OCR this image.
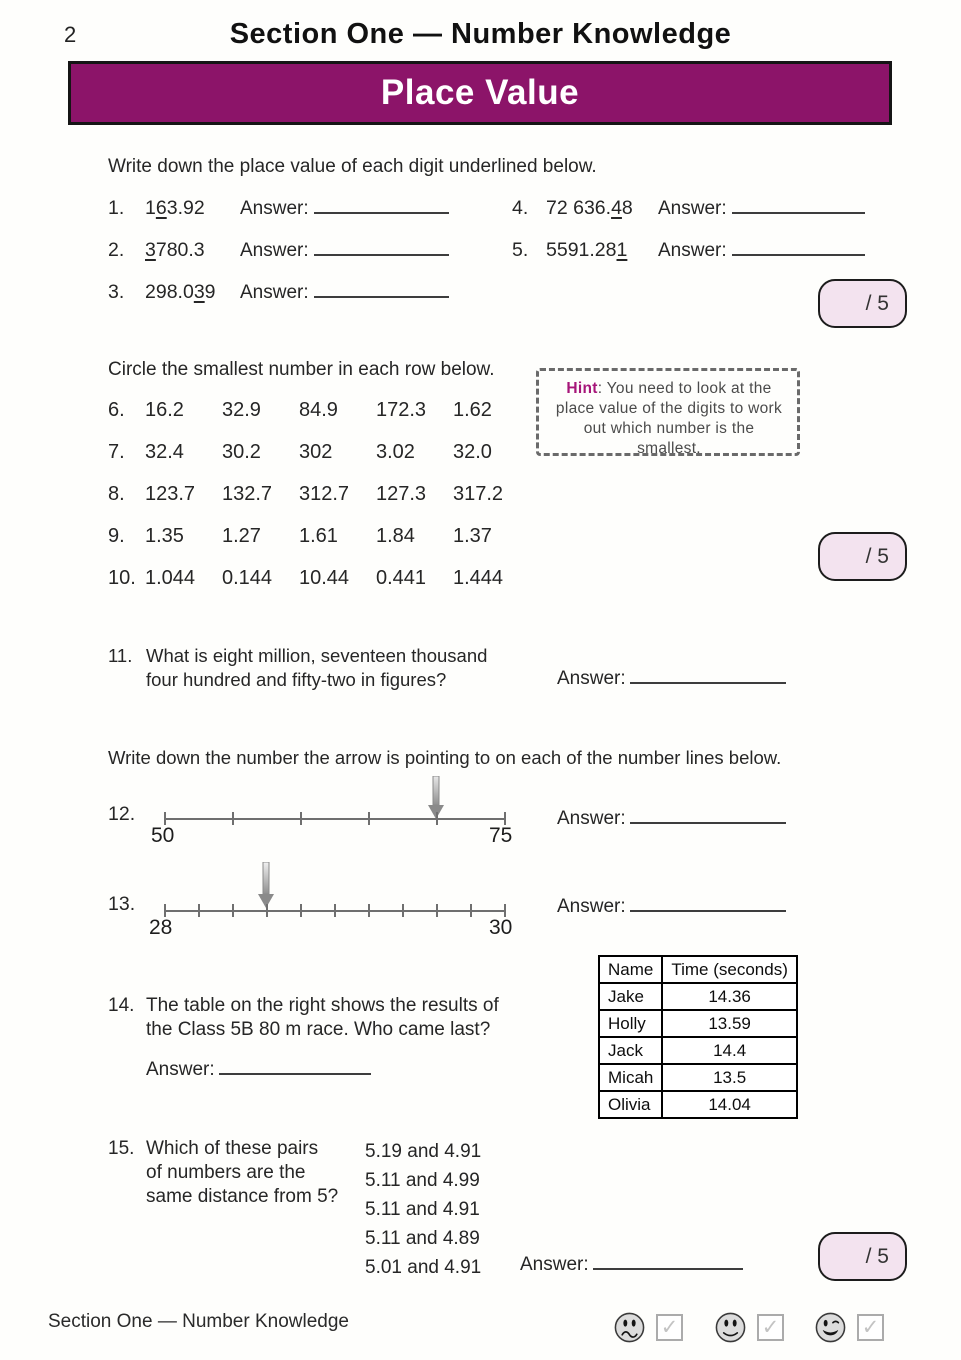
2	Section One — Number Knowledge
Place Value
Write down the place value of each digit underlined below.
1. 163.92 Answer:
2. 3780.3 Answer:
3. 298.039 Answer:
4. 72 636.48 Answer:
5. 5591.281 Answer:
/ 5
Circle the smallest number in each row below.
6.	16.2	32.9	84.9	172.3	1.62
7.	32.4	30.2	302	3.02	32.0
8.	123.7	132.7	312.7	127.3	317.2
9.	1.35	1.27	1.61	1.84	1.37
10. 1.044	0.144	10.44	0.441	1.444
Hint: You need to look at the place value of the digits to work out which number is the smallest.
/ 5
11. What is eight million, seventeen thousand
four hundred and fifty-two in figures?	Answer:
Write down the number the arrow is pointing to on each of the number lines below.
12.
50	75
Answer:
13.
28	30
Answer:
Name	Time (seconds)
Jake	14.36
Holly	13.59
Jack	14.4
Micah	13.5
Olivia	14.04
14. The table on the right shows the results of
the Class 5B 80 m race. Who came last?
Answer:
15. Which of these pairs
of numbers are the
same distance from 5?
5.19 and 4.91
5.11 and 4.99
5.11 and 4.91
5.11 and 4.89
5.01 and 4.91 Answer:	/ 5
Section One — Number Knowledge	✓	✓	✓
